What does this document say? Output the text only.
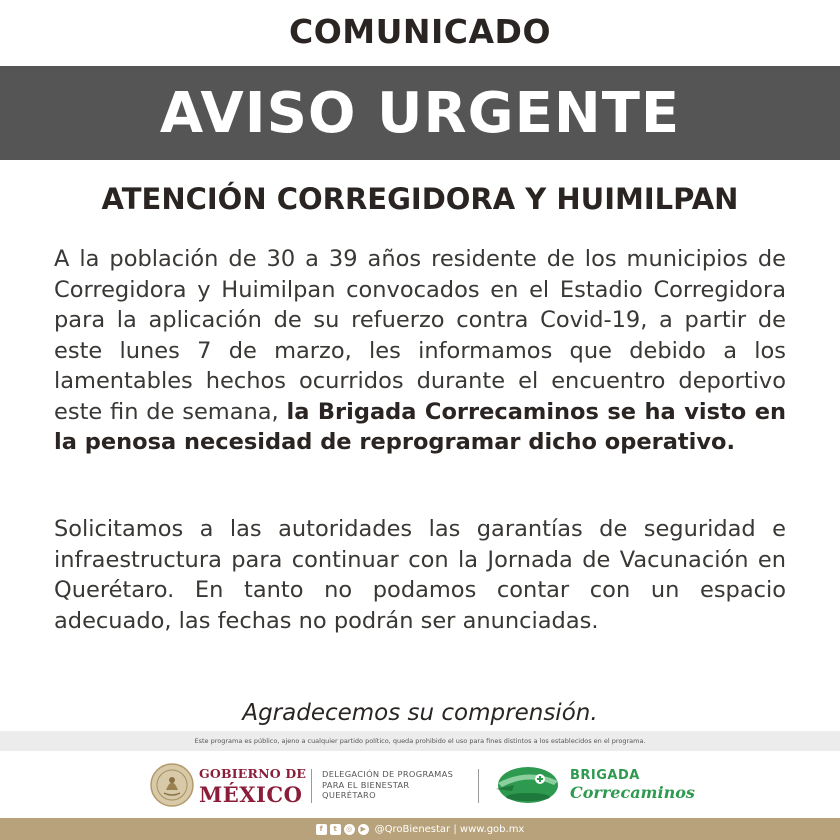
COMUNICADO
AVISO URGENTE
ATENCIÓN CORREGIDORA Y HUIMILPAN

A la población de 30 a 39 años residente de los municipios de Corregidora y Huimilpan convocados en el Estadio Corregidora para la aplicación de su refuerzo contra Covid-19, a partir de este lunes 7 de marzo, les informamos que debido a los lamentables hechos ocurridos durante el encuentro deportivo este fin de semana, la Brigada Correcaminos se ha visto en la penosa necesidad de reprogramar dicho operativo.

Solicitamos a las autoridades las garantías de seguridad e infraestructura para continuar con la Jornada de Vacunación en Querétaro. En tanto no podamos contar con un espacio adecuado, las fechas no podrán ser anunciadas.

Agradecemos su comprensión.
Este programa es público, ajeno a cualquier partido político, queda prohibido el uso para fines distintos a los establecidos en el programa.
GOBIERNO DE
MÉXICO
DELEGACIÓN DE PROGRAMAS
PARA EL BIENESTAR
QUERÉTARO
BRIGADA
Correcaminos
f	t	◎	▶ @QroBienestar | www.gob.mx
